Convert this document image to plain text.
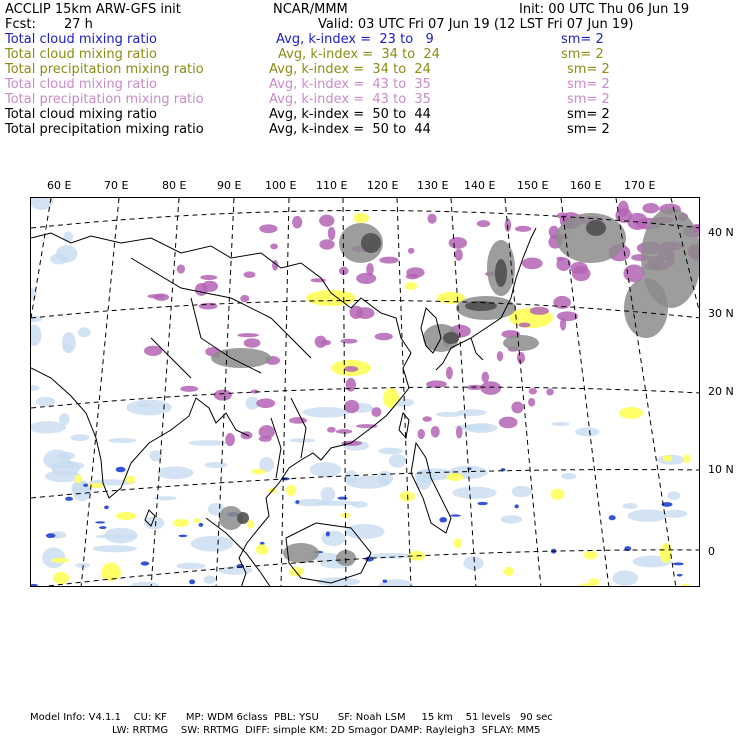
ACCLIP 15km ARW-GFS init	NCAR/MMM	Init: 00 UTC Thu 06 Jun 19
Fcst: 27 h	Valid: 03 UTC Fri 07 Jun 19 (12 LST Fri 07 Jun 19)
Total cloud mixing ratio	Avg, k-index =  23 to   9	sm= 2
Total cloud mixing ratio	Avg, k-index =  34 to  24	sm= 2
Total precipitation mixing ratio	Avg, k-index =  34 to  24	sm= 2
Total cloud mixing ratio	Avg, k-index =  43 to  35	sm= 2
Total precipitation mixing ratio	Avg, k-index =  43 to  35	sm= 2
Total cloud mixing ratio	Avg, k-index =  50 to  44	sm= 2
Total precipitation mixing ratio	Avg, k-index =  50 to  44	sm= 2
60 E	70 E	80 E	90 E 100 E 110 E 120 E 130 E 140 E 150 E 160 E 170 E
40 N
30 N
20 N
10 N
0
Model Info: V4.1.1    CU: KF      MP: WDM 6class  PBL: YSU      SF: Noah LSM     15 km    51 levels   90 sec
LW: RRTMG    SW: RRTMG  DIFF: simple KM: 2D Smagor DAMP: Rayleigh3  SFLAY: MM5
